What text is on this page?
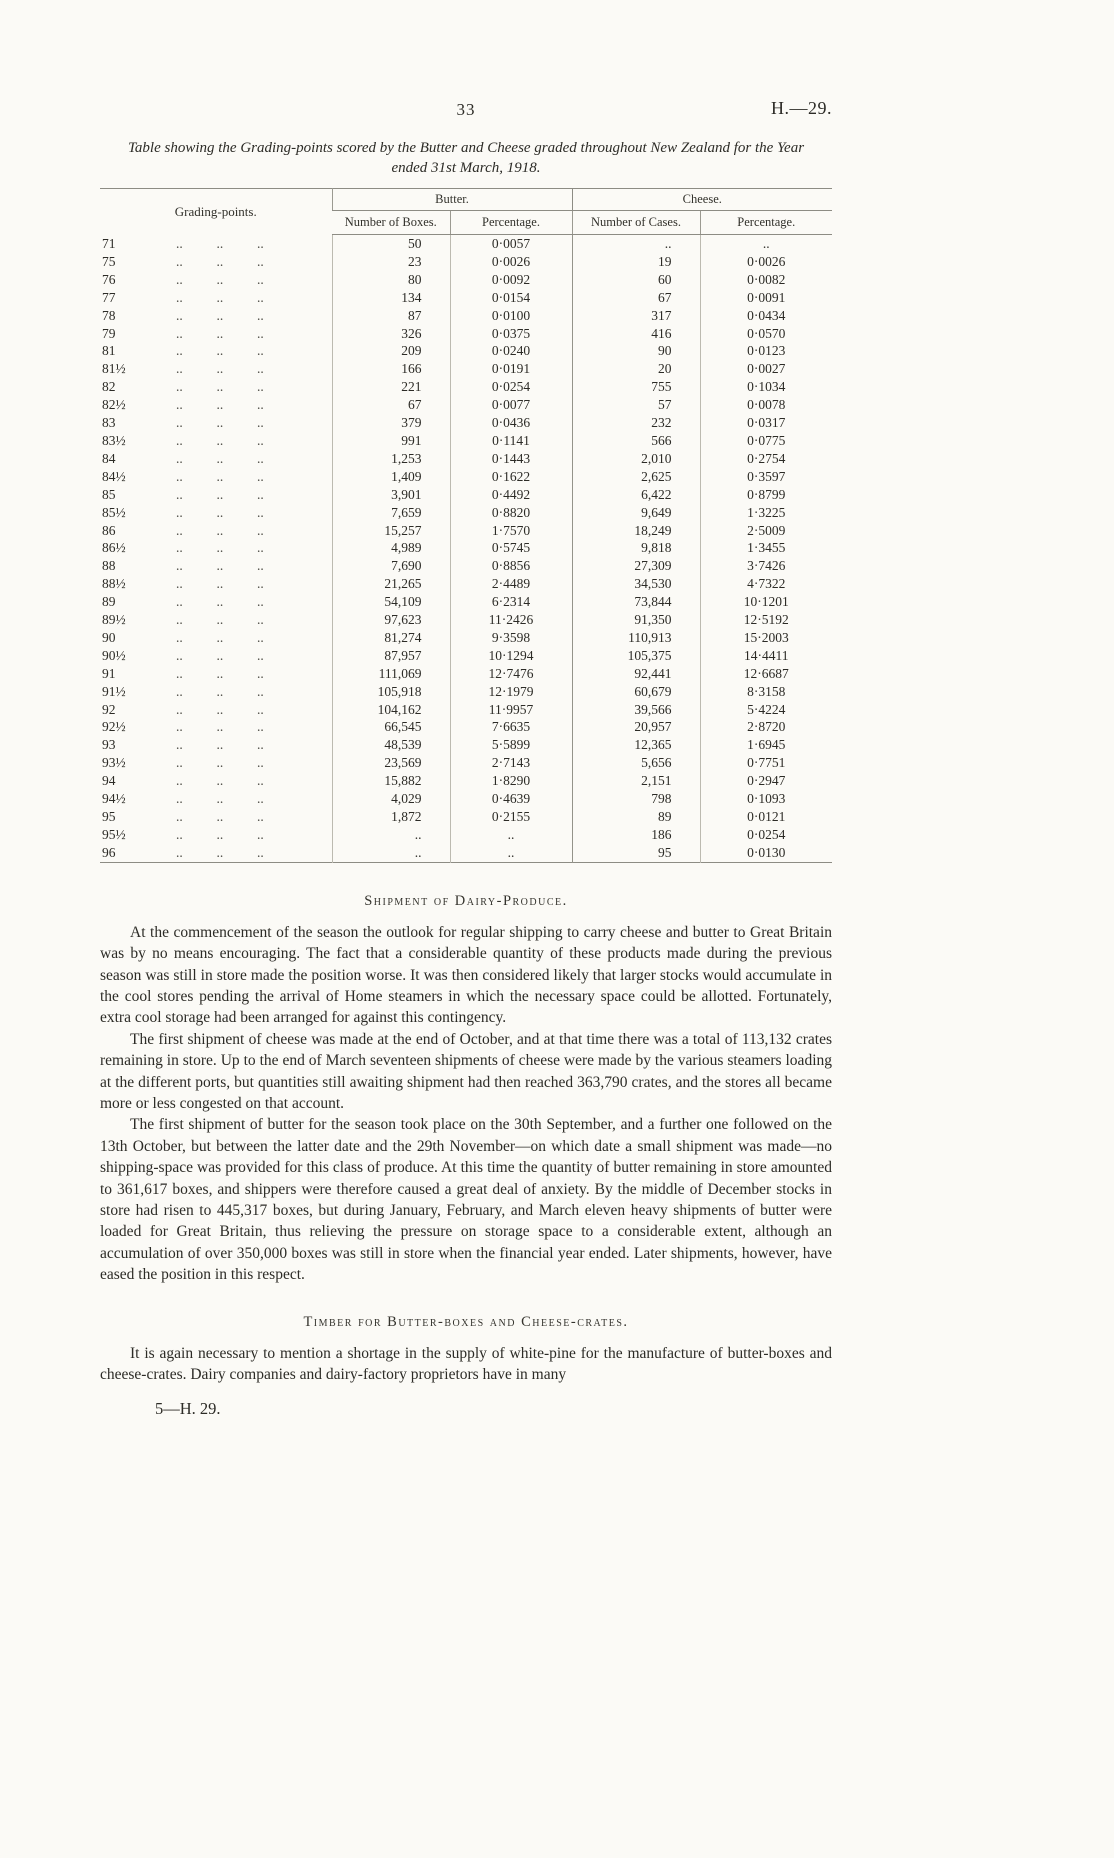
33	H.—29.
Table showing the Grading-points scored by the Butter and Cheese graded throughout New Zealand for the Year ended 31st March, 1918.
Grading-points.	Butter.		Cheese.	
	Number of Boxes.	Percentage.	Number of Cases.	Percentage.

71 ..          ..          ..	50	0·0057	..	..

75 ..          ..          ..	23	0·0026	19	0·0026

76 ..          ..          ..	80	0·0092	60	0·0082

77 ..          ..          ..	134	0·0154	67	0·0091

78 ..          ..          ..	87	0·0100	317	0·0434

79 ..          ..          ..	326	0·0375	416	0·0570

81 ..          ..          ..	209	0·0240	90	0·0123

81½ ..          ..          ..	166	0·0191	20	0·0027

82 ..          ..          ..	221	0·0254	755	0·1034

82½ ..          ..          ..	67	0·0077	57	0·0078

83 ..          ..          ..	379	0·0436	232	0·0317

83½ ..          ..          ..	991	0·1141	566	0·0775

84 ..          ..          ..	1,253	0·1443	2,010	0·2754

84½ ..          ..          ..	1,409	0·1622	2,625	0·3597

85 ..          ..          ..	3,901	0·4492	6,422	0·8799

85½ ..          ..          ..	7,659	0·8820	9,649	1·3225

86 ..          ..          ..	15,257	1·7570	18,249	2·5009

86½ ..          ..          ..	4,989	0·5745	9,818	1·3455

88 ..          ..          ..	7,690	0·8856	27,309	3·7426

88½ ..          ..          ..	21,265	2·4489	34,530	4·7322

89 ..          ..          ..	54,109	6·2314	73,844	10·1201

89½ ..          ..          ..	97,623	11·2426	91,350	12·5192

90 ..          ..          ..	81,274	9·3598	110,913	15·2003

90½ ..          ..          ..	87,957	10·1294	105,375	14·4411

91 ..          ..          ..	111,069	12·7476	92,441	12·6687

91½ ..          ..          ..	105,918	12·1979	60,679	8·3158

92 ..          ..          ..	104,162	11·9957	39,566	5·4224

92½ ..          ..          ..	66,545	7·6635	20,957	2·8720

93 ..          ..          ..	48,539	5·5899	12,365	1·6945

93½ ..          ..          ..	23,569	2·7143	5,656	0·7751

94 ..          ..          ..	15,882	1·8290	2,151	0·2947

94½ ..          ..          ..	4,029	0·4639	798	0·1093

95 ..          ..          ..	1,872	0·2155	89	0·0121

95½ ..          ..          ..	..	..	186	0·0254

96 ..          ..          ..	..	..	95	0·0130
Shipment of Dairy-Produce.

At the commencement of the season the outlook for regular shipping to carry cheese and butter to Great Britain was by no means encouraging. The fact that a considerable quantity of these products made during the previous season was still in store made the position worse. It was then considered likely that larger stocks would accumulate in the cool stores pending the arrival of Home steamers in which the necessary space could be allotted. Fortunately, extra cool storage had been arranged for against this contingency.

The first shipment of cheese was made at the end of October, and at that time there was a total of 113,132 crates remaining in store. Up to the end of March seventeen shipments of cheese were made by the various steamers loading at the different ports, but quantities still awaiting shipment had then reached 363,790 crates, and the stores all became more or less congested on that account.

The first shipment of butter for the season took place on the 30th September, and a further one followed on the 13th October, but between the latter date and the 29th November—on which date a small shipment was made—no shipping-space was provided for this class of produce. At this time the quantity of butter remaining in store amounted to 361,617 boxes, and shippers were therefore caused a great deal of anxiety. By the middle of December stocks in store had risen to 445,317 boxes, but during January, February, and March eleven heavy shipments of butter were loaded for Great Britain, thus relieving the pressure on storage space to a considerable extent, although an accumulation of over 350,000 boxes was still in store when the financial year ended. Later shipments, however, have eased the position in this respect.

Timber for Butter-boxes and Cheese-crates.

It is again necessary to mention a shortage in the supply of white-pine for the manufacture of butter-boxes and cheese-crates. Dairy companies and dairy-factory proprietors have in many

5—H. 29.
